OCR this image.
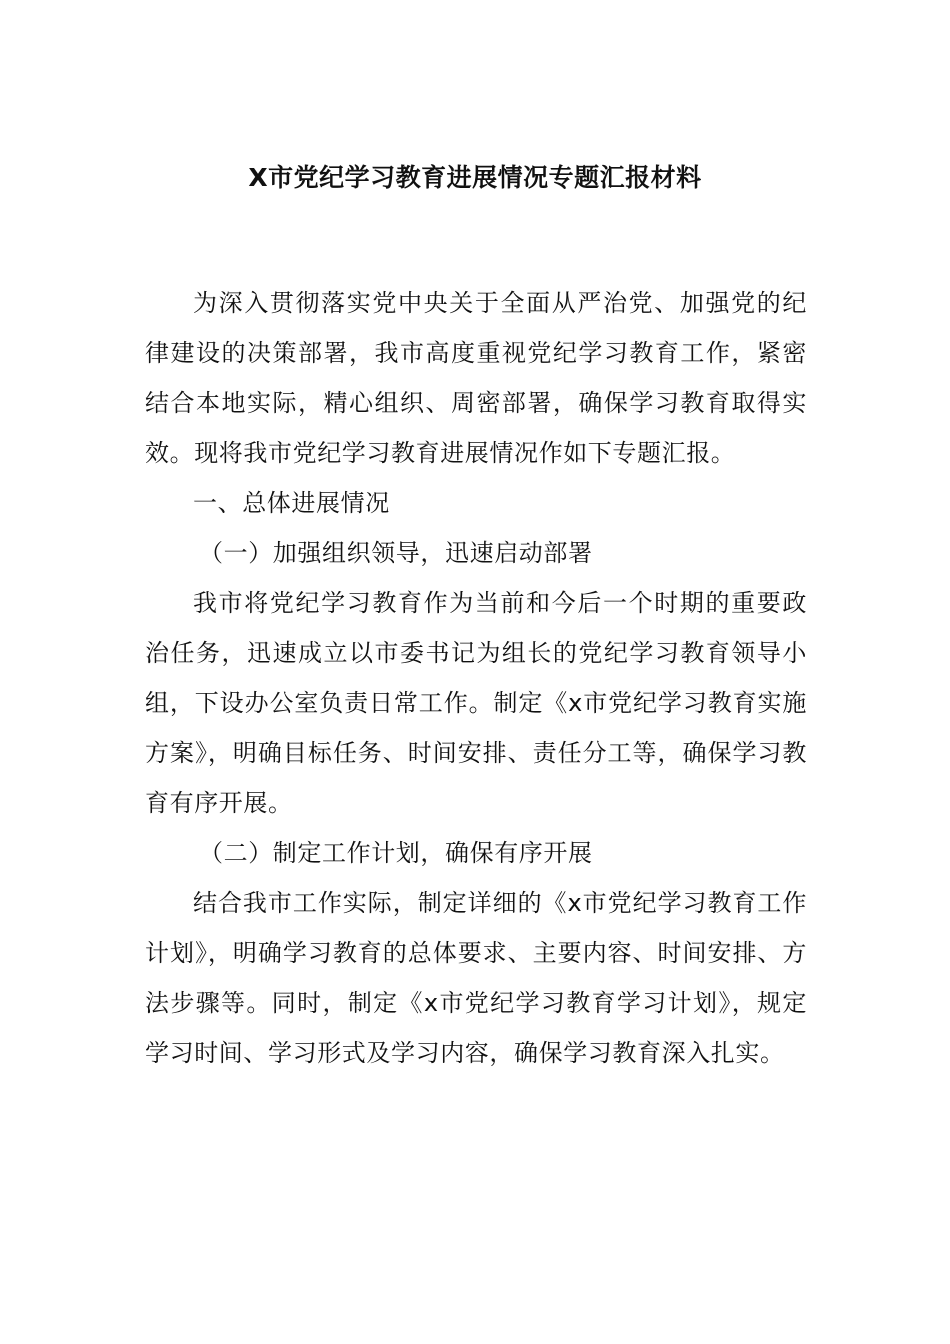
X市党纪学习教育进展情况专题汇报材料

为深入贯彻落实党中央关于全面从严治党、加强党的纪律建设的决策部署，我市高度重视党纪学习教育工作，紧密结合本地实际，精心组织、周密部署，确保学习教育取得实效。现将我市党纪学习教育进展情况作如下专题汇报。

一、总体进展情况

（一）加强组织领导，迅速启动部署

我市将党纪学习教育作为当前和今后一个时期的重要政治任务，迅速成立以市委书记为组长的党纪学习教育领导小组，下设办公室负责日常工作。制定《x市党纪学习教育实施方案》，明确目标任务、时间安排、责任分工等，确保学习教育有序开展。

（二）制定工作计划，确保有序开展

结合我市工作实际，制定详细的《x市党纪学习教育工作计划》，明确学习教育的总体要求、主要内容、时间安排、方法步骤等。同时，制定《x市党纪学习教育学习计划》，规定学习时间、学习形式及学习内容，确保学习教育深入扎实。
